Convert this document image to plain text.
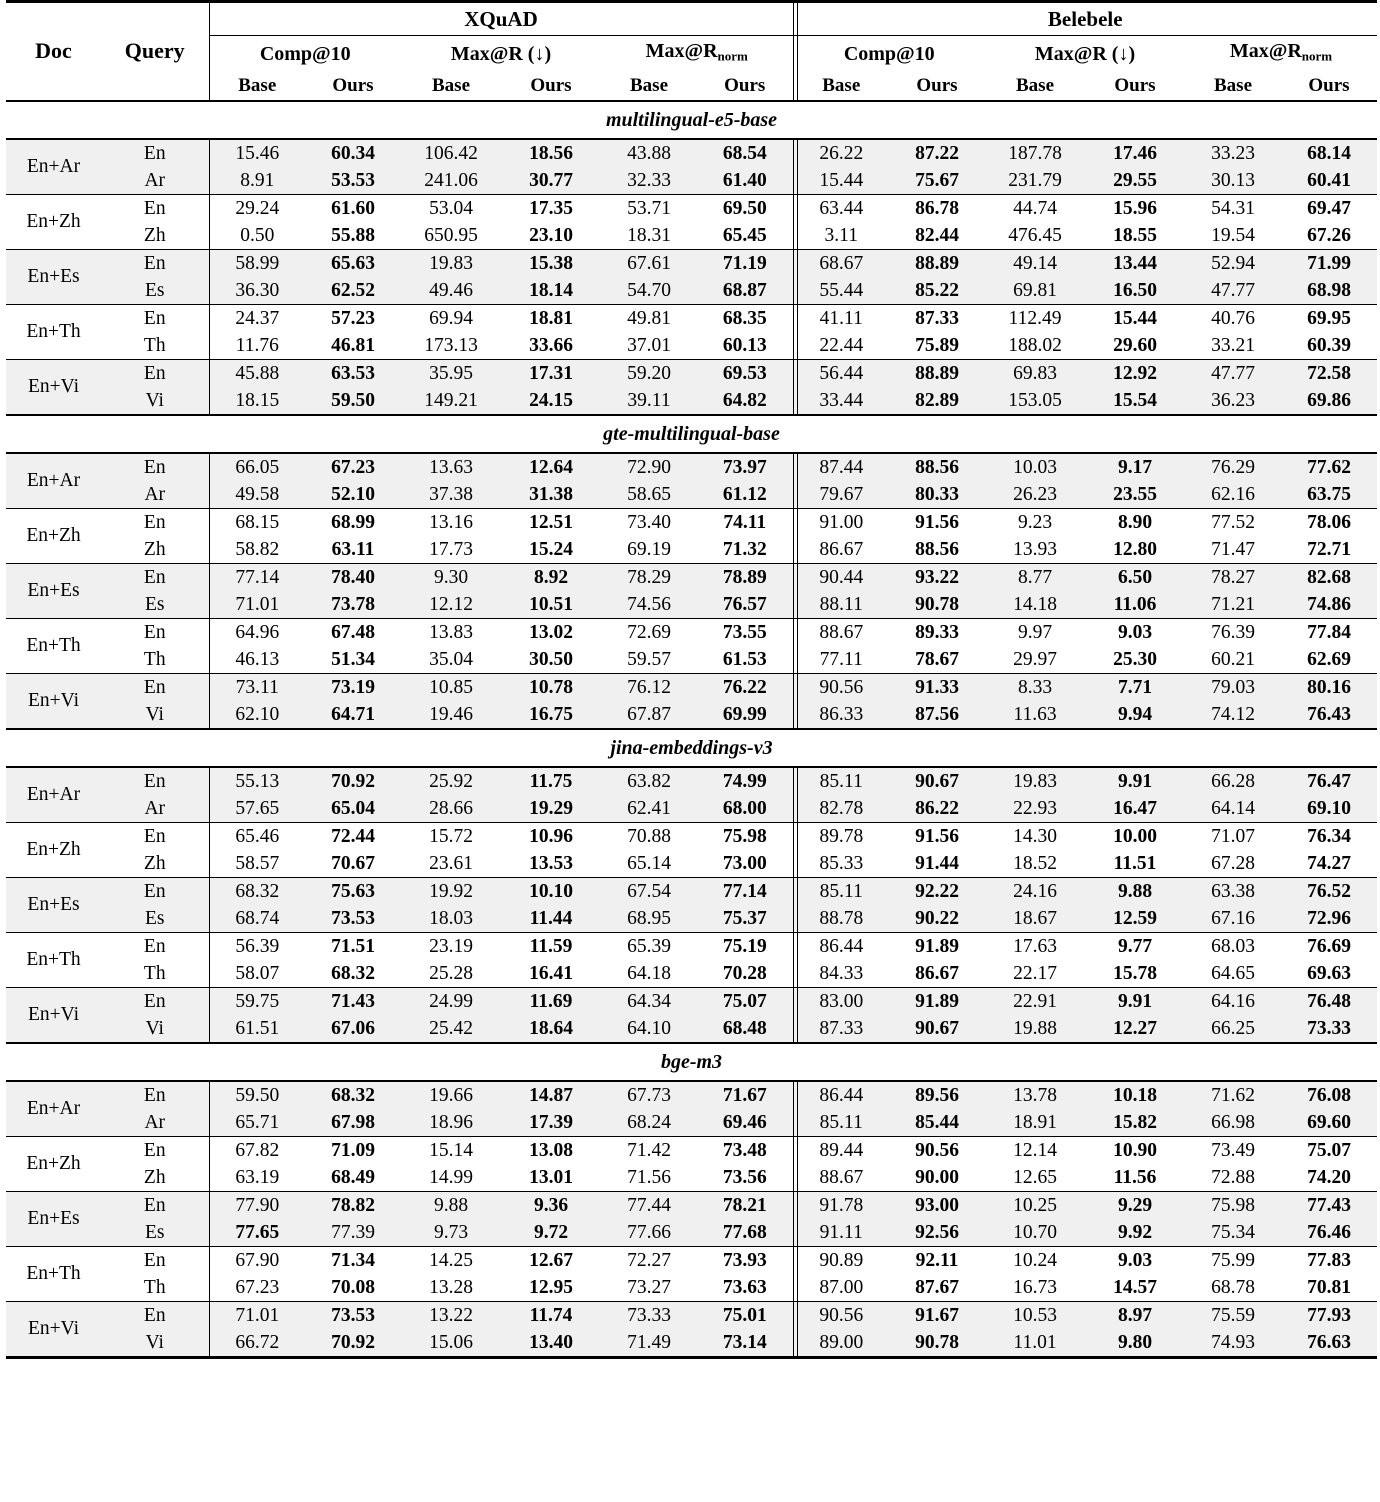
Doc	Query	XQuAD						Belebele					
		Comp@10		Max@R (↓)		$Max@R_{norm}$		Comp@10		Max@R (↓)		$Max@R_{norm}$
		Base	Ours	Base	Ours	Base	Ours	Base	Ours	Base	Ours	Base	Ours

multilingual-e5-base													

En+Ar	En	15.46	60.34	106.42	18.56	43.88	68.54	26.22	87.22	187.78	17.46	33.23	68.14
	Ar	8.91	53.53	241.06	30.77	32.33	61.40	15.44	75.67	231.79	29.55	30.13	60.41

En+Zh	En	29.24	61.60	53.04	17.35	53.71	69.50	63.44	86.78	44.74	15.96	54.31	69.47
	Zh	0.50	55.88	650.95	23.10	18.31	65.45	3.11	82.44	476.45	18.55	19.54	67.26

En+Es	En	58.99	65.63	19.83	15.38	67.61	71.19	68.67	88.89	49.14	13.44	52.94	71.99
	Es	36.30	62.52	49.46	18.14	54.70	68.87	55.44	85.22	69.81	16.50	47.77	68.98

En+Th	En	24.37	57.23	69.94	18.81	49.81	68.35	41.11	87.33	112.49	15.44	40.76	69.95
	Th	11.76	46.81	173.13	33.66	37.01	60.13	22.44	75.89	188.02	29.60	33.21	60.39

En+Vi	En	45.88	63.53	35.95	17.31	59.20	69.53	56.44	88.89	69.83	12.92	47.77	72.58
	Vi	18.15	59.50	149.21	24.15	39.11	64.82	33.44	82.89	153.05	15.54	36.23	69.86

gte-multilingual-base													

En+Ar	En	66.05	67.23	13.63	12.64	72.90	73.97	87.44	88.56	10.03	9.17	76.29	77.62
	Ar	49.58	52.10	37.38	31.38	58.65	61.12	79.67	80.33	26.23	23.55	62.16	63.75

En+Zh	En	68.15	68.99	13.16	12.51	73.40	74.11	91.00	91.56	9.23	8.90	77.52	78.06
	Zh	58.82	63.11	17.73	15.24	69.19	71.32	86.67	88.56	13.93	12.80	71.47	72.71

En+Es	En	77.14	78.40	9.30	8.92	78.29	78.89	90.44	93.22	8.77	6.50	78.27	82.68
	Es	71.01	73.78	12.12	10.51	74.56	76.57	88.11	90.78	14.18	11.06	71.21	74.86

En+Th	En	64.96	67.48	13.83	13.02	72.69	73.55	88.67	89.33	9.97	9.03	76.39	77.84
	Th	46.13	51.34	35.04	30.50	59.57	61.53	77.11	78.67	29.97	25.30	60.21	62.69

En+Vi	En	73.11	73.19	10.85	10.78	76.12	76.22	90.56	91.33	8.33	7.71	79.03	80.16
	Vi	62.10	64.71	19.46	16.75	67.87	69.99	86.33	87.56	11.63	9.94	74.12	76.43

jina-embeddings-v3													

En+Ar	En	55.13	70.92	25.92	11.75	63.82	74.99	85.11	90.67	19.83	9.91	66.28	76.47
	Ar	57.65	65.04	28.66	19.29	62.41	68.00	82.78	86.22	22.93	16.47	64.14	69.10

En+Zh	En	65.46	72.44	15.72	10.96	70.88	75.98	89.78	91.56	14.30	10.00	71.07	76.34
	Zh	58.57	70.67	23.61	13.53	65.14	73.00	85.33	91.44	18.52	11.51	67.28	74.27

En+Es	En	68.32	75.63	19.92	10.10	67.54	77.14	85.11	92.22	24.16	9.88	63.38	76.52
	Es	68.74	73.53	18.03	11.44	68.95	75.37	88.78	90.22	18.67	12.59	67.16	72.96

En+Th	En	56.39	71.51	23.19	11.59	65.39	75.19	86.44	91.89	17.63	9.77	68.03	76.69
	Th	58.07	68.32	25.28	16.41	64.18	70.28	84.33	86.67	22.17	15.78	64.65	69.63

En+Vi	En	59.75	71.43	24.99	11.69	64.34	75.07	83.00	91.89	22.91	9.91	64.16	76.48
	Vi	61.51	67.06	25.42	18.64	64.10	68.48	87.33	90.67	19.88	12.27	66.25	73.33

bge-m3													

En+Ar	En	59.50	68.32	19.66	14.87	67.73	71.67	86.44	89.56	13.78	10.18	71.62	76.08
	Ar	65.71	67.98	18.96	17.39	68.24	69.46	85.11	85.44	18.91	15.82	66.98	69.60

En+Zh	En	67.82	71.09	15.14	13.08	71.42	73.48	89.44	90.56	12.14	10.90	73.49	75.07
	Zh	63.19	68.49	14.99	13.01	71.56	73.56	88.67	90.00	12.65	11.56	72.88	74.20

En+Es	En	77.90	78.82	9.88	9.36	77.44	78.21	91.78	93.00	10.25	9.29	75.98	77.43
	Es	77.65	77.39	9.73	9.72	77.66	77.68	91.11	92.56	10.70	9.92	75.34	76.46

En+Th	En	67.90	71.34	14.25	12.67	72.27	73.93	90.89	92.11	10.24	9.03	75.99	77.83
	Th	67.23	70.08	13.28	12.95	73.27	73.63	87.00	87.67	16.73	14.57	68.78	70.81

En+Vi	En	71.01	73.53	13.22	11.74	73.33	75.01	90.56	91.67	10.53	8.97	75.59	77.93
	Vi	66.72	70.92	15.06	13.40	71.49	73.14	89.00	90.78	11.01	9.80	74.93	76.63
